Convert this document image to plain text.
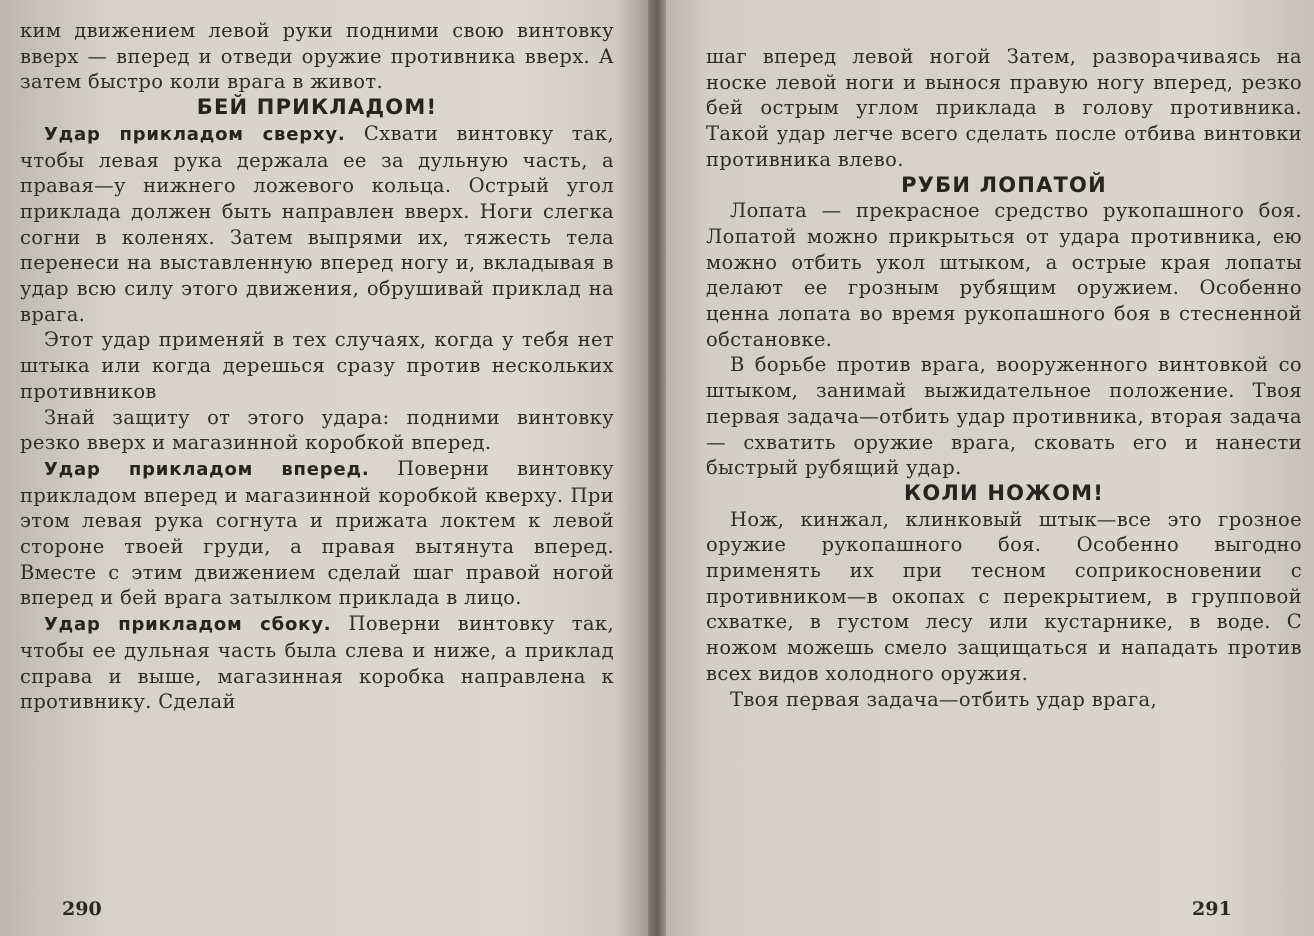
ким движением левой руки подними свою винтовку вверх — вперед и отведи оружие противника вверх. А затем быстро коли врага в живот.

БЕЙ ПРИКЛАДОМ!

Удар прикладом сверху. Схвати винтовку так, чтобы левая рука держала ее за дульную часть, а правая—у нижнего ложевого кольца. Острый угол приклада должен быть направлен вверх. Ноги слегка согни в коленях. Затем выпрями их, тяжесть тела перенеси на выставленную вперед ногу и, вкладывая в удар всю силу этого движения, обрушивай приклад на врага.

Этот удар применяй в тех случаях, когда у тебя нет штыка или когда дерешься сразу против нескольких противников

Знай защиту от этого удара: подними винтовку резко вверх и магазинной коробкой вперед.

Удар прикладом вперед. Поверни винтовку прикладом вперед и магазинной коробкой кверху. При этом левая рука согнута и прижата локтем к левой стороне твоей груди, а правая вытянута вперед. Вместе с этим движением сделай шаг правой ногой вперед и бей врага затылком приклада в лицо.

Удар прикладом сбоку. Поверни винтовку так, чтобы ее дульная часть была слева и ниже, а приклад справа и выше, магазинная коробка направлена к противнику. Сделай

290

шаг вперед левой ногой Затем, разворачиваясь на носке левой ноги и вынося правую ногу вперед, резко бей острым углом приклада в голову противника. Такой удар легче всего сделать после отбива винтовки противника влево.

РУБИ ЛОПАТОЙ

Лопата — прекрасное средство рукопашного боя. Лопатой можно прикрыться от удара противника, ею можно отбить укол штыком, а острые края лопаты делают ее грозным рубящим оружием. Особенно ценна лопата во время рукопашного боя в стесненной обстановке.

В борьбе против врага, вооруженного винтовкой со штыком, занимай выжидательное положение. Твоя первая задача—отбить удар противника, вторая задача — схватить оружие врага, сковать его и нанести быстрый рубящий удар.

КОЛИ НОЖОМ!

Нож, кинжал, клинковый штык—все это грозное оружие рукопашного боя. Особенно выгодно применять их при тесном соприкосновении с противником—в окопах с перекрытием, в групповой схватке, в густом лесу или кустарнике, в воде. С ножом можешь смело защищаться и нападать против всех видов холодного оружия.

Твоя первая задача—отбить удар врага,

291
